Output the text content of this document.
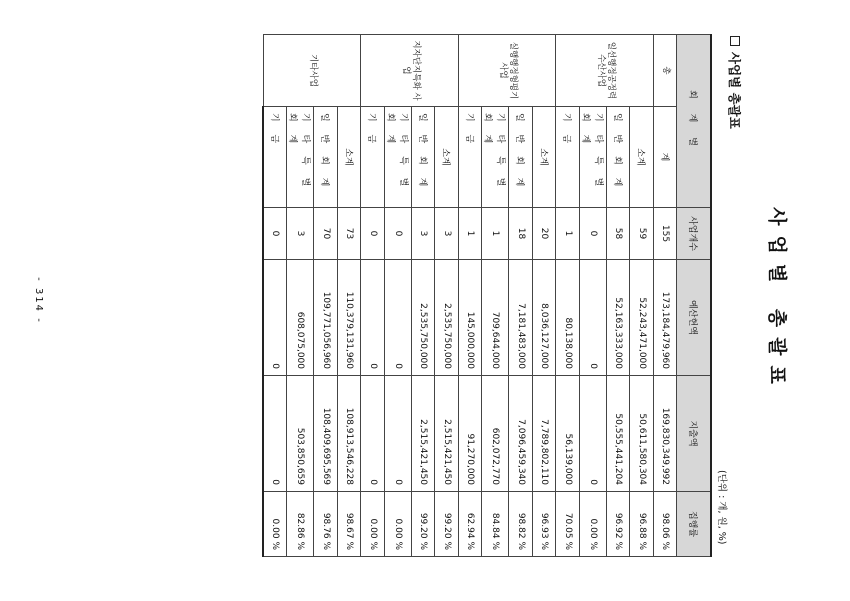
사업별 총괄표
사업별 총괄표
(단위 : 개, 원, %)
회 계 별		사업개수	예산현액	지출액	집행률
총	계	155	173,184,479,960	169,830,349,992	98.06 %
일선행정공정력 수산사업	소계	59	52,243,471,000	50,611,580,304	96.88 %
	일 반 회 계	58	52,163,333,000	50,555,441,204	96.92 %
	기 타 특 별 회 계	0	0	0	0.00 %
	기 금	1	80,138,000	56,139,000	70.05 %
실행행정형평기 사업	소계	20	8,036,127,000	7,789,802,110	96.93 %
	일 반 회 계	18	7,181,483,000	7,096,459,340	98.82 %
	기 타 특 별 회 계	1	709,644,000	602,072,770	84.84 %
	기 금	1	145,000,000	91,270,000	62.94 %
지자단지특화 사업	소계	3	2,535,750,000	2,515,421,450	99.20 %
	일 반 회 계	3	2,535,750,000	2,515,421,450	99.20 %
	기 타 특 별 회 계	0	0	0	0.00 %
	기 금	0	0	0	0.00 %
기타사업	소계	73	110,379,131,960	108,913,546,228	98.67 %
	일 반 회 계	70	109,771,056,960	108,409,695,569	98.76 %
	기 타 특 별 회 계	3	608,075,000	503,850,659	82.86 %
	기 금	0	0	0	0.00 %
- 314 -
